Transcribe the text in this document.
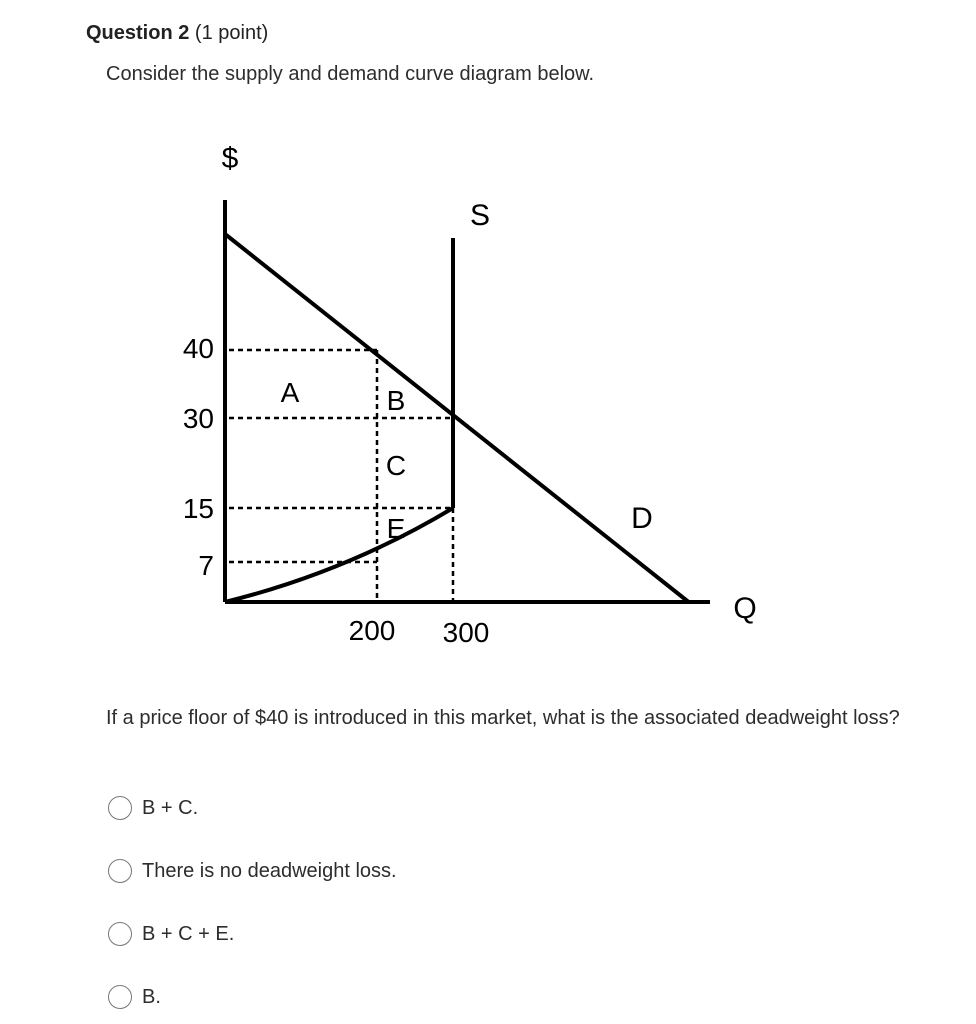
Question 2 (1 point)
Consider the supply and demand curve diagram below.
$
Q
S
D
40
30
15
7
200 300
A	B
C
E
If a price floor of $40 is introduced in this market, what is the associated deadweight loss?
B + C.
There is no deadweight loss.
B + C + E.
B.
